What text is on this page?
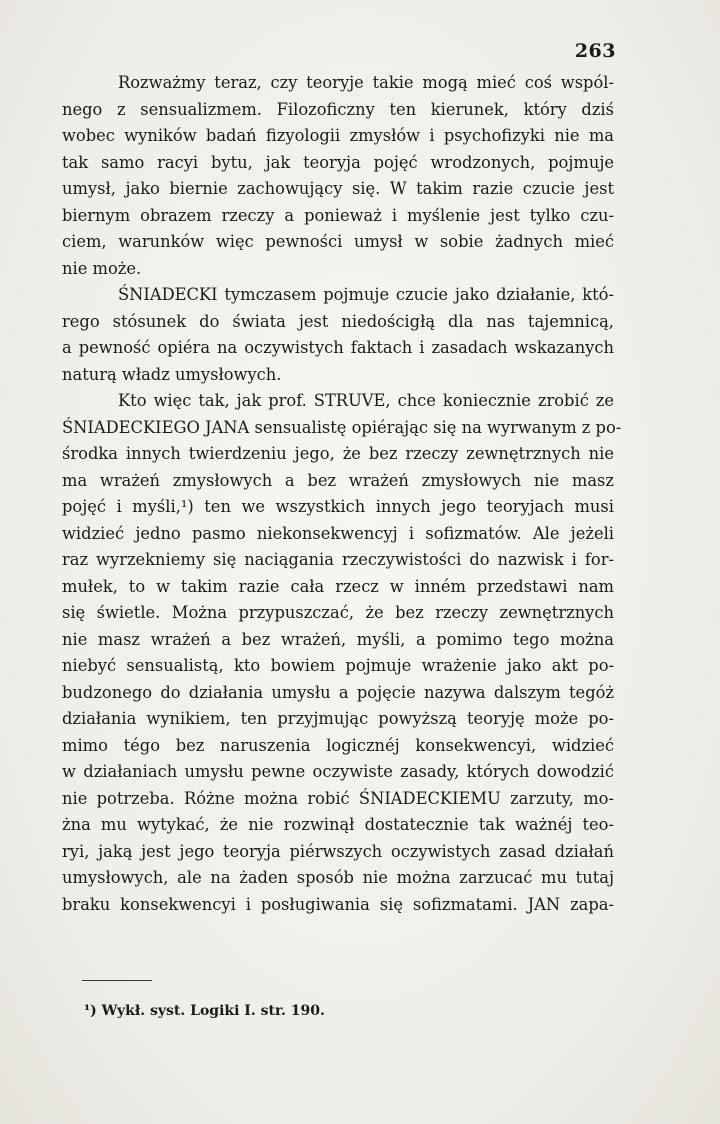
263
Rozważmy teraz, czy teoryje takie mogą mieć coś wspól-
nego z sensualizmem. Filozoficzny ten kierunek, który dziś
wobec wyników badań fizyologii zmysłów i psychofizyki nie ma
tak samo racyi bytu, jak teoryja pojęć wrodzonych, pojmuje
umysł, jako biernie zachowujący się. W takim razie czucie jest
biernym obrazem rzeczy a ponieważ i myślenie jest tylko czu-
ciem, warunków więc pewności umysł w sobie żadnych mieć
nie może.
ŚNIADECKI tymczasem pojmuje czucie jako działanie, któ-
rego stósunek do świata jest niedościgłą dla nas tajemnicą,
a pewność opiéra na oczywistych faktach i zasadach wskazanych
naturą władz umysłowych.
Kto więc tak, jak prof. STRUVE, chce koniecznie zrobić ze
ŚNIADECKIEGO JANA sensualistę opiérając się na wyrwanym z po-
środka innych twierdzeniu jego, że bez rzeczy zewnętrznych nie
ma wrażeń zmysłowych a bez wrażeń zmysłowych nie masz
pojęć i myśli,¹) ten we wszystkich innych jego teoryjach musi
widzieć jedno pasmo niekonsekwencyj i sofizmatów. Ale jeżeli
raz wyrzekniemy się naciągania rzeczywistości do nazwisk i for-
mułek, to w takim razie cała rzecz w inném przedstawi nam
się świetle. Można przypuszczać, że bez rzeczy zewnętrznych
nie masz wrażeń a bez wrażeń, myśli, a pomimo tego można
niebyć sensualistą, kto bowiem pojmuje wrażenie jako akt po-
budzonego do działania umysłu a pojęcie nazywa dalszym tegóż
działania wynikiem, ten przyjmując powyższą teoryję może po-
mimo tégo bez naruszenia logicznéj konsekwencyi, widzieć
w działaniach umysłu pewne oczywiste zasady, których dowodzić
nie potrzeba. Różne można robić ŚNIADECKIEMU zarzuty, mo-
żna mu wytykać, że nie rozwinął dostatecznie tak ważnéj teo-
ryi, jaką jest jego teoryja piérwszych oczywistych zasad działań
umysłowych, ale na żaden sposób nie można zarzucać mu tutaj
braku konsekwencyi i posługiwania się sofizmatami. JAN zapa-
¹) Wykł. syst. Logiki I. str. 190.
